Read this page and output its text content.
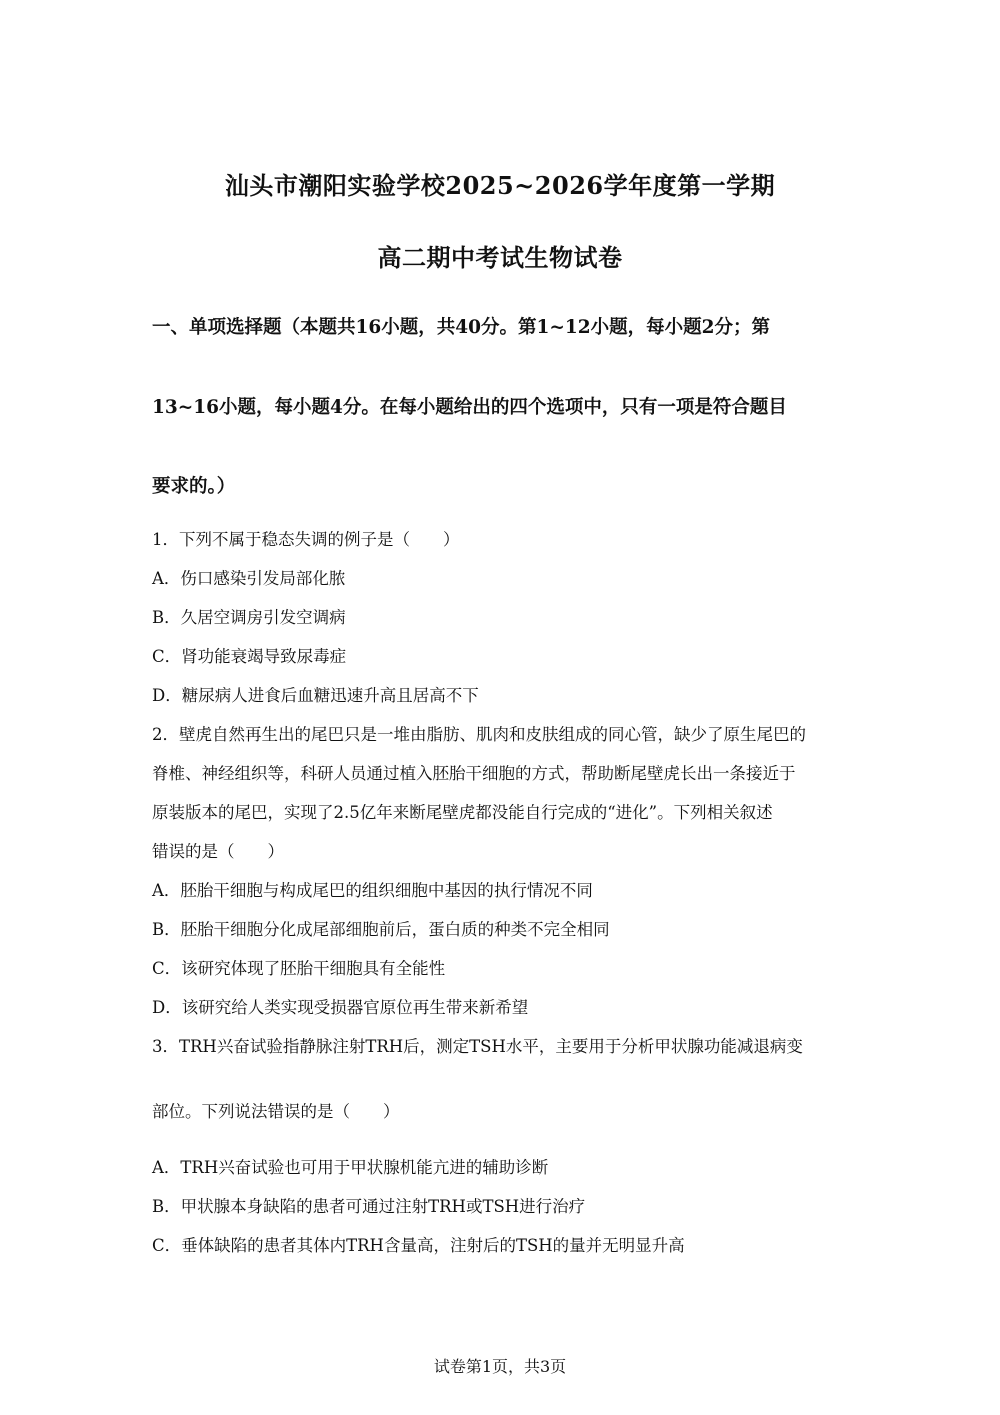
汕头市潮阳实验学校2025~2026学年度第一学期
高二期中考试生物试卷
一、单项选择题（本题共16小题，共40分。第1~12小题，每小题2分；第
13~16小题，每小题4分。在每小题给出的四个选项中，只有一项是符合题目
要求的。）
1．下列不属于稳态失调的例子是（　　）
A．伤口感染引发局部化脓
B．久居空调房引发空调病
C．肾功能衰竭导致尿毒症
D．糖尿病人进食后血糖迅速升高且居高不下
2．壁虎自然再生出的尾巴只是一堆由脂肪、肌肉和皮肤组成的同心管，缺少了原生尾巴的
脊椎、神经组织等，科研人员通过植入胚胎干细胞的方式，帮助断尾壁虎长出一条接近于
原装版本的尾巴，实现了2.5亿年来断尾壁虎都没能自行完成的“进化”。下列相关叙述
错误的是（　　）
A．胚胎干细胞与构成尾巴的组织细胞中基因的执行情况不同
B．胚胎干细胞分化成尾部细胞前后，蛋白质的种类不完全相同
C．该研究体现了胚胎干细胞具有全能性
D．该研究给人类实现受损器官原位再生带来新希望
3．TRH兴奋试验指静脉注射TRH后，测定TSH水平，主要用于分析甲状腺功能减退病变
部位。下列说法错误的是（　　）
A．TRH兴奋试验也可用于甲状腺机能亢进的辅助诊断
B．甲状腺本身缺陷的患者可通过注射TRH或TSH进行治疗
C．垂体缺陷的患者其体内TRH含量高，注射后的TSH的量并无明显升高
试卷第1页，共3页
